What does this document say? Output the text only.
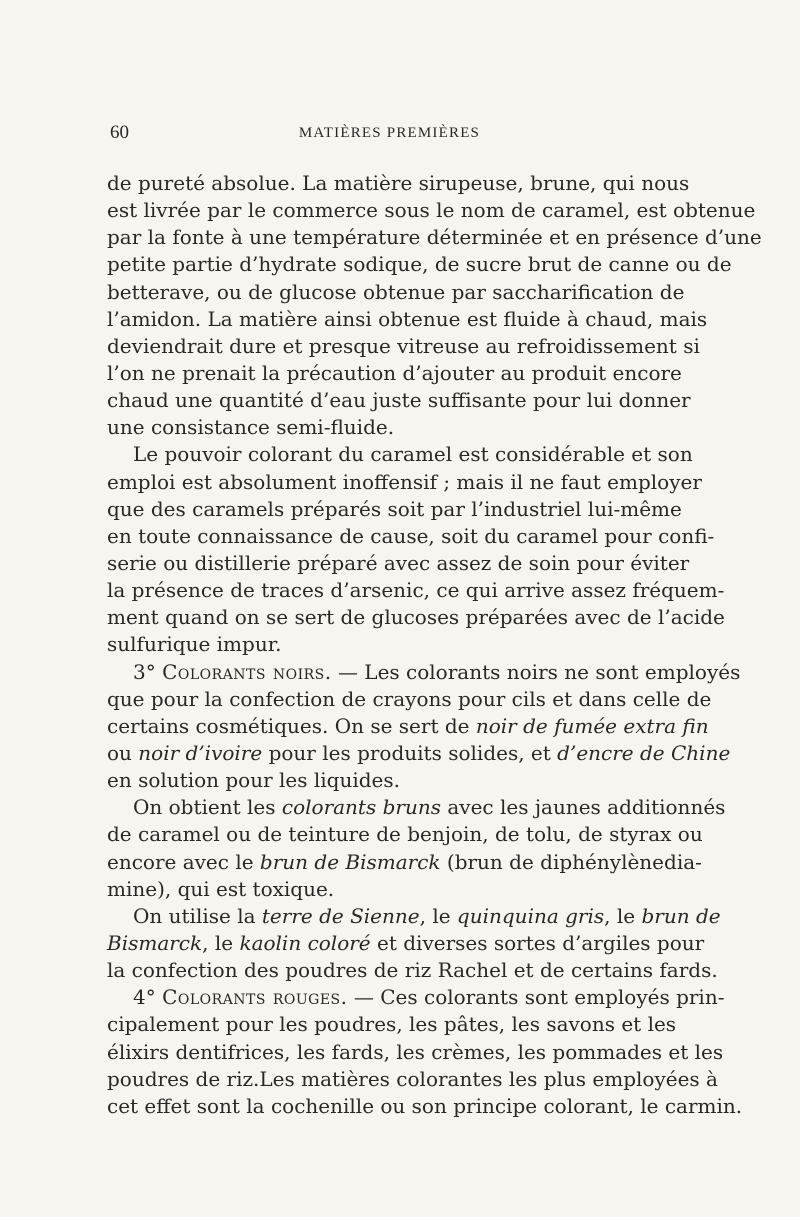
60	MATIÈRES PREMIÈRES
de pureté absolue. La matière sirupeuse, brune, qui nous
est livrée par le commerce sous le nom de caramel, est obtenue
par la fonte à une température déterminée et en présence d’une
petite partie d’hydrate sodique, de sucre brut de canne ou de
betterave, ou de glucose obtenue par saccharification de
l’amidon. La matière ainsi obtenue est fluide à chaud, mais
deviendrait dure et presque vitreuse au refroidissement si
l’on ne prenait la précaution d’ajouter au produit encore
chaud une quantité d’eau juste suffisante pour lui donner
une consistance semi-fluide.
Le pouvoir colorant du caramel est considérable et son
emploi est absolument inoffensif ; mais il ne faut employer
que des caramels préparés soit par l’industriel lui-même
en toute connaissance de cause, soit du caramel pour confi-
serie ou distillerie préparé avec assez de soin pour éviter
la présence de traces d’arsenic, ce qui arrive assez fréquem-
ment quand on se sert de glucoses préparées avec de l’acide
sulfurique impur.
3° Colorants noirs. — Les colorants noirs ne sont employés
que pour la confection de crayons pour cils et dans celle de
certains cosmétiques. On se sert de noir de fumée extra fin
ou noir d’ivoire pour les produits solides, et d’encre de Chine
en solution pour les liquides.
On obtient les colorants bruns avec les jaunes additionnés
de caramel ou de teinture de benjoin, de tolu, de styrax ou
encore avec le brun de Bismarck (brun de diphénylènedia-
mine), qui est toxique.
On utilise la terre de Sienne, le quinquina gris, le brun de
Bismarck, le kaolin coloré et diverses sortes d’argiles pour
la confection des poudres de riz Rachel et de certains fards.
4° Colorants rouges. — Ces colorants sont employés prin-
cipalement pour les poudres, les pâtes, les savons et les
élixirs dentifrices, les fards, les crèmes, les pommades et les
poudres de riz.Les matières colorantes les plus employées à
cet effet sont la cochenille ou son principe colorant, le carmin.
